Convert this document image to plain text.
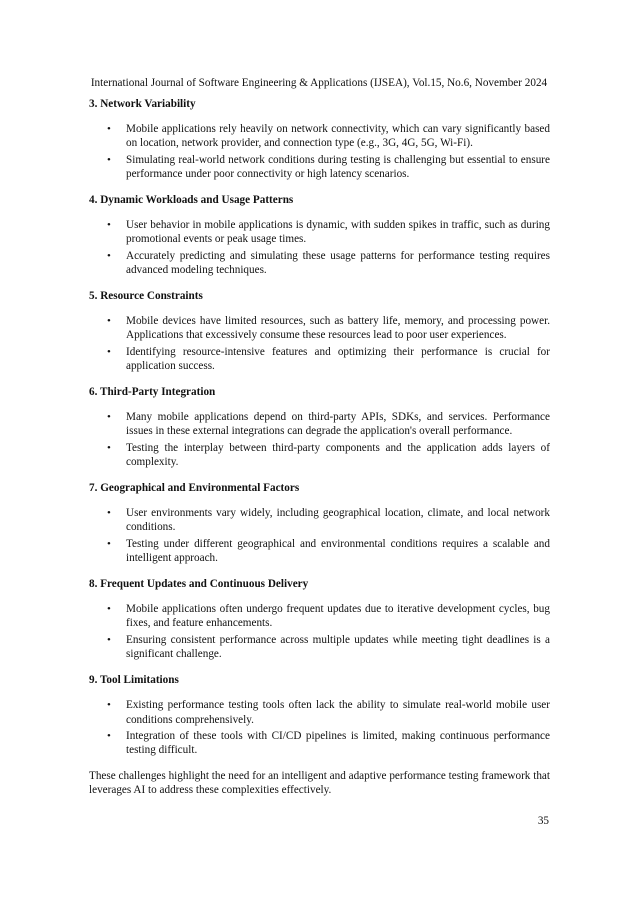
International Journal of Software Engineering & Applications (IJSEA), Vol.15, No.6, November 2024
3. Network Variability
• Mobile applications rely heavily on network connectivity, which can vary significantly based on location, network provider, and connection type (e.g., 3G, 4G, 5G, Wi-Fi).
• Simulating real-world network conditions during testing is challenging but essential to ensure performance under poor connectivity or high latency scenarios.
4. Dynamic Workloads and Usage Patterns
• User behavior in mobile applications is dynamic, with sudden spikes in traffic, such as during promotional events or peak usage times.
• Accurately predicting and simulating these usage patterns for performance testing requires advanced modeling techniques.
5. Resource Constraints
• Mobile devices have limited resources, such as battery life, memory, and processing power. Applications that excessively consume these resources lead to poor user experiences.
• Identifying resource-intensive features and optimizing their performance is crucial for application success.
6. Third-Party Integration
• Many mobile applications depend on third-party APIs, SDKs, and services. Performance issues in these external integrations can degrade the application's overall performance.
• Testing the interplay between third-party components and the application adds layers of complexity.
7. Geographical and Environmental Factors
• User environments vary widely, including geographical location, climate, and local network conditions.
• Testing under different geographical and environmental conditions requires a scalable and intelligent approach.
8. Frequent Updates and Continuous Delivery
• Mobile applications often undergo frequent updates due to iterative development cycles, bug fixes, and feature enhancements.
• Ensuring consistent performance across multiple updates while meeting tight deadlines is a significant challenge.
9. Tool Limitations
• Existing performance testing tools often lack the ability to simulate real-world mobile user conditions comprehensively.
• Integration of these tools with CI/CD pipelines is limited, making continuous performance testing difficult.
These challenges highlight the need for an intelligent and adaptive performance testing framework that leverages AI to address these complexities effectively.
35
